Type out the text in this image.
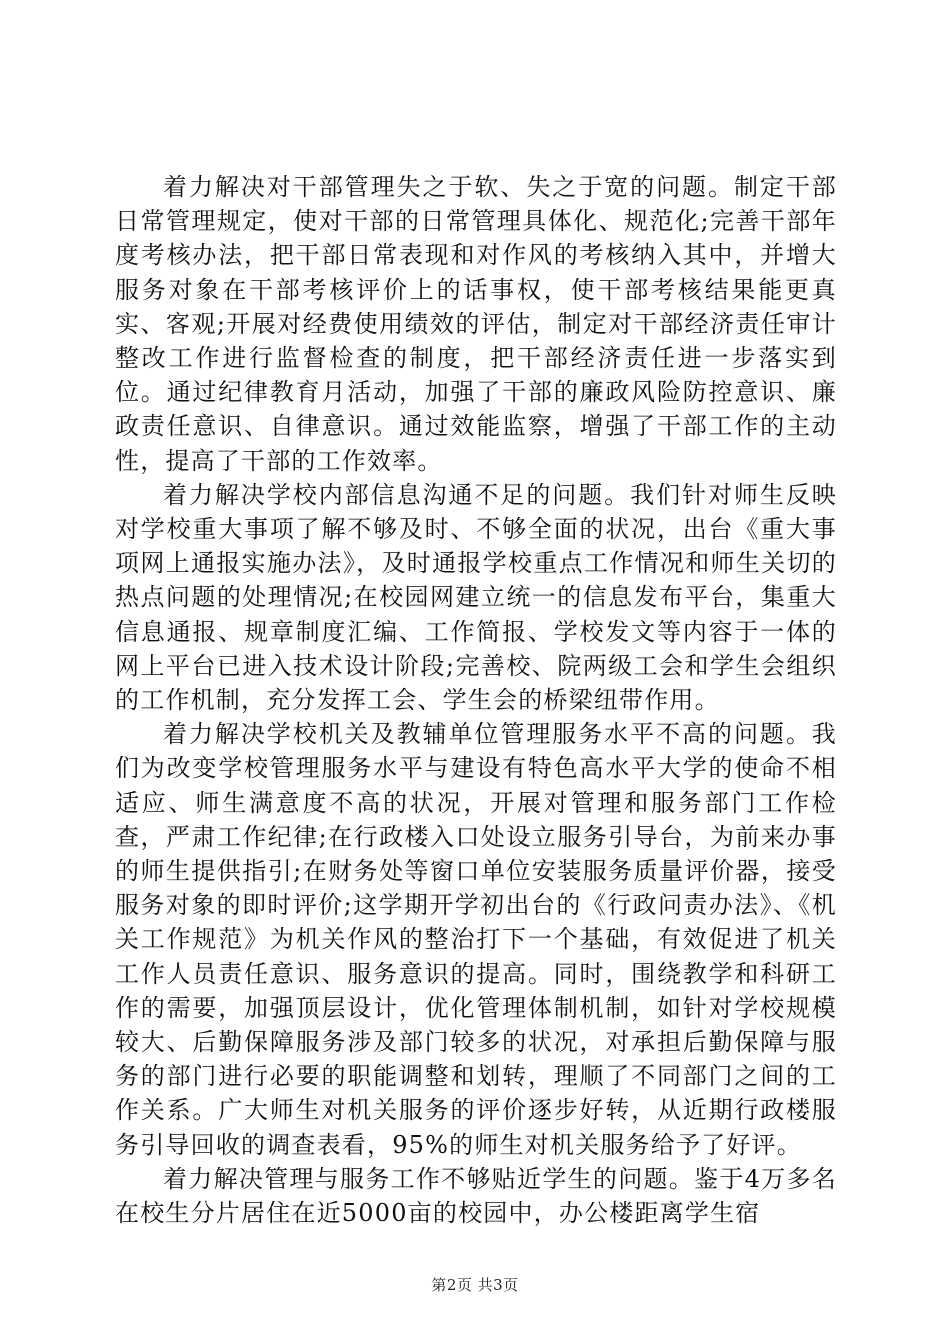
着力解决对干部管理失之于软、失之于宽的问题。制定干部日常管理规定，使对干部的日常管理具体化、规范化;完善干部年度考核办法，把干部日常表现和对作风的考核纳入其中，并增大服务对象在干部考核评价上的话事权，使干部考核结果能更真实、客观;开展对经费使用绩效的评估，制定对干部经济责任审计整改工作进行监督检查的制度，把干部经济责任进一步落实到位。通过纪律教育月活动，加强了干部的廉政风险防控意识、廉政责任意识、自律意识。通过效能监察，增强了干部工作的主动性，提高了干部的工作效率。

着力解决学校内部信息沟通不足的问题。我们针对师生反映对学校重大事项了解不够及时、不够全面的状况，出台《重大事项网上通报实施办法》，及时通报学校重点工作情况和师生关切的热点问题的处理情况;在校园网建立统一的信息发布平台，集重大信息通报、规章制度汇编、工作简报、学校发文等内容于一体的网上平台已进入技术设计阶段;完善校、院两级工会和学生会组织的工作机制，充分发挥工会、学生会的桥梁纽带作用。

着力解决学校机关及教辅单位管理服务水平不高的问题。我们为改变学校管理服务水平与建设有特色高水平大学的使命不相适应、师生满意度不高的状况，开展对管理和服务部门工作检查，严肃工作纪律;在行政楼入口处设立服务引导台，为前来办事的师生提供指引;在财务处等窗口单位安装服务质量评价器，接受服务对象的即时评价;这学期开学初出台的《行政问责办法》、《机关工作规范》为机关作风的整治打下一个基础，有效促进了机关工作人员责任意识、服务意识的提高。同时，围绕教学和科研工作的需要，加强顶层设计，优化管理体制机制，如针对学校规模较大、后勤保障服务涉及部门较多的状况，对承担后勤保障与服务的部门进行必要的职能调整和划转，理顺了不同部门之间的工作关系。广大师生对机关服务的评价逐步好转，从近期行政楼服务引导回收的调查表看，95%的师生对机关服务给予了好评。

着力解决管理与服务工作不够贴近学生的问题。鉴于4万多名在校生分片居住在近5000亩的校园中，办公楼距离学生宿

第2页 共3页
